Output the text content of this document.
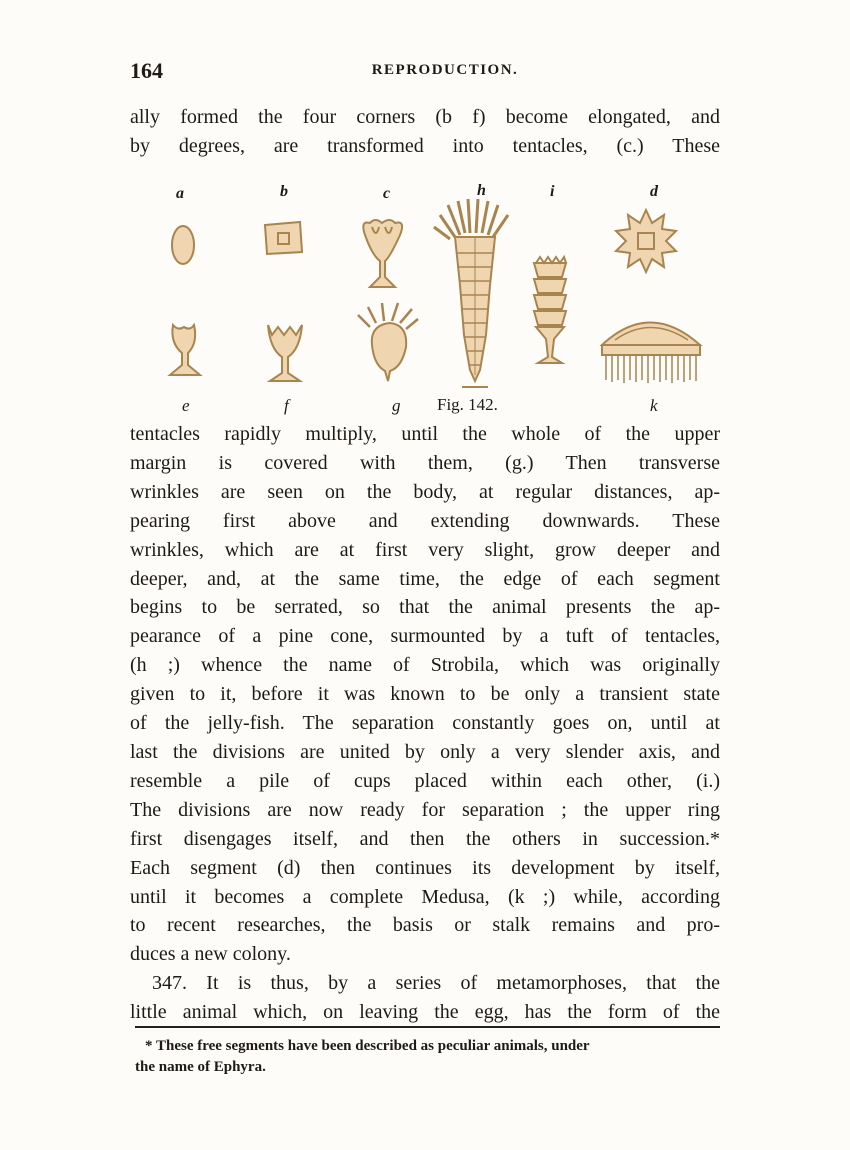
164	REPRODUCTION.

ally formed the four corners (b f) become elongated, and

by degrees, are transformed into tentacles, (c.) These

a	b	c	h	i	d
e	f	g Fig. 142.	k

tentacles rapidly multiply, until the whole of the upper

margin is covered with them, (g.) Then transverse

wrinkles are seen on the body, at regular distances, ap-

pearing first above and extending downwards. These

wrinkles, which are at first very slight, grow deeper and

deeper, and, at the same time, the edge of each segment

begins to be serrated, so that the animal presents the ap-

pearance of a pine cone, surmounted by a tuft of tentacles,

(h ;) whence the name of Strobila, which was originally

given to it, before it was known to be only a transient state

of the jelly-fish. The separation constantly goes on, until at

last the divisions are united by only a very slender axis, and

resemble a pile of cups placed within each other, (i.)

The divisions are now ready for separation ; the upper ring

first disengages itself, and then the others in succession.*

Each segment (d) then continues its development by itself,

until it becomes a complete Medusa, (k ;) while, according

to recent researches, the basis or stalk remains and pro-

duces a new colony.

347. It is thus, by a series of metamorphoses, that the

little animal which, on leaving the egg, has the form of the

* These free segments have been described as peculiar animals, under
the name of Ephyra.
